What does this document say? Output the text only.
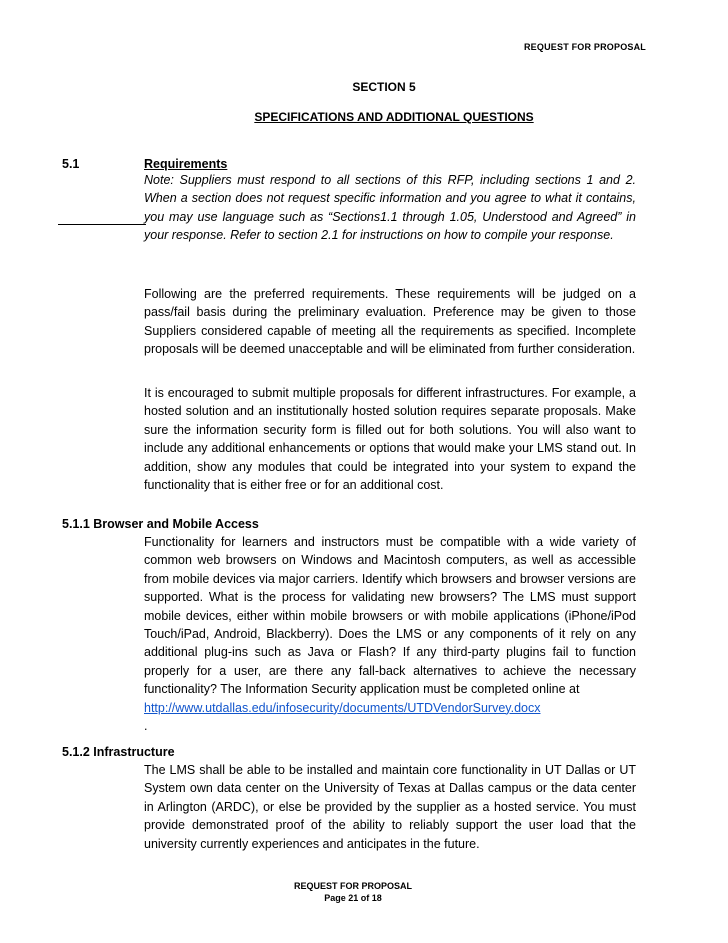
REQUEST FOR PROPOSAL
SECTION 5
SPECIFICATIONS AND ADDITIONAL QUESTIONS
5.1	Requirements
Note: Suppliers must respond to all sections of this RFP, including sections 1 and 2. When a section does not request specific information and you agree to what it contains, you may use language such as “Sections1.1 through 1.05, Understood and Agreed” in your response. Refer to section 2.1 for instructions on how to compile your response.
Following are the preferred requirements. These requirements will be judged on a pass/fail basis during the preliminary evaluation. Preference may be given to those Suppliers considered capable of meeting all the requirements as specified. Incomplete proposals will be deemed unacceptable and will be eliminated from further consideration.
It is encouraged to submit multiple proposals for different infrastructures. For example, a hosted solution and an institutionally hosted solution requires separate proposals. Make sure the information security form is filled out for both solutions. You will also want to include any additional enhancements or options that would make your LMS stand out. In addition, show any modules that could be integrated into your system to expand the functionality that is either free or for an additional cost.
5.1.1 Browser and Mobile Access
Functionality for learners and instructors must be compatible with a wide variety of common web browsers on Windows and Macintosh computers, as well as accessible from mobile devices via major carriers. Identify which browsers and browser versions are supported. What is the process for validating new browsers? The LMS must support mobile devices, either within mobile browsers or with mobile applications (iPhone/iPod Touch/iPad, Android, Blackberry). Does the LMS or any components of it rely on any additional plug-ins such as Java or Flash? If any third-party plugins fail to function properly for a user, are there any fall-back alternatives to achieve the necessary functionality? The Information Security application must be completed online at
http://www.utdallas.edu/infosecurity/documents/UTDVendorSurvey.docx
.
5.1.2 Infrastructure
The LMS shall be able to be installed and maintain core functionality in UT Dallas or UT System own data center on the University of Texas at Dallas campus or the data center in Arlington (ARDC), or else be provided by the supplier as a hosted service. You must provide demonstrated proof of the ability to reliably support the user load that the university currently experiences and anticipates in the future.
REQUEST FOR PROPOSAL
Page 21 of 18
